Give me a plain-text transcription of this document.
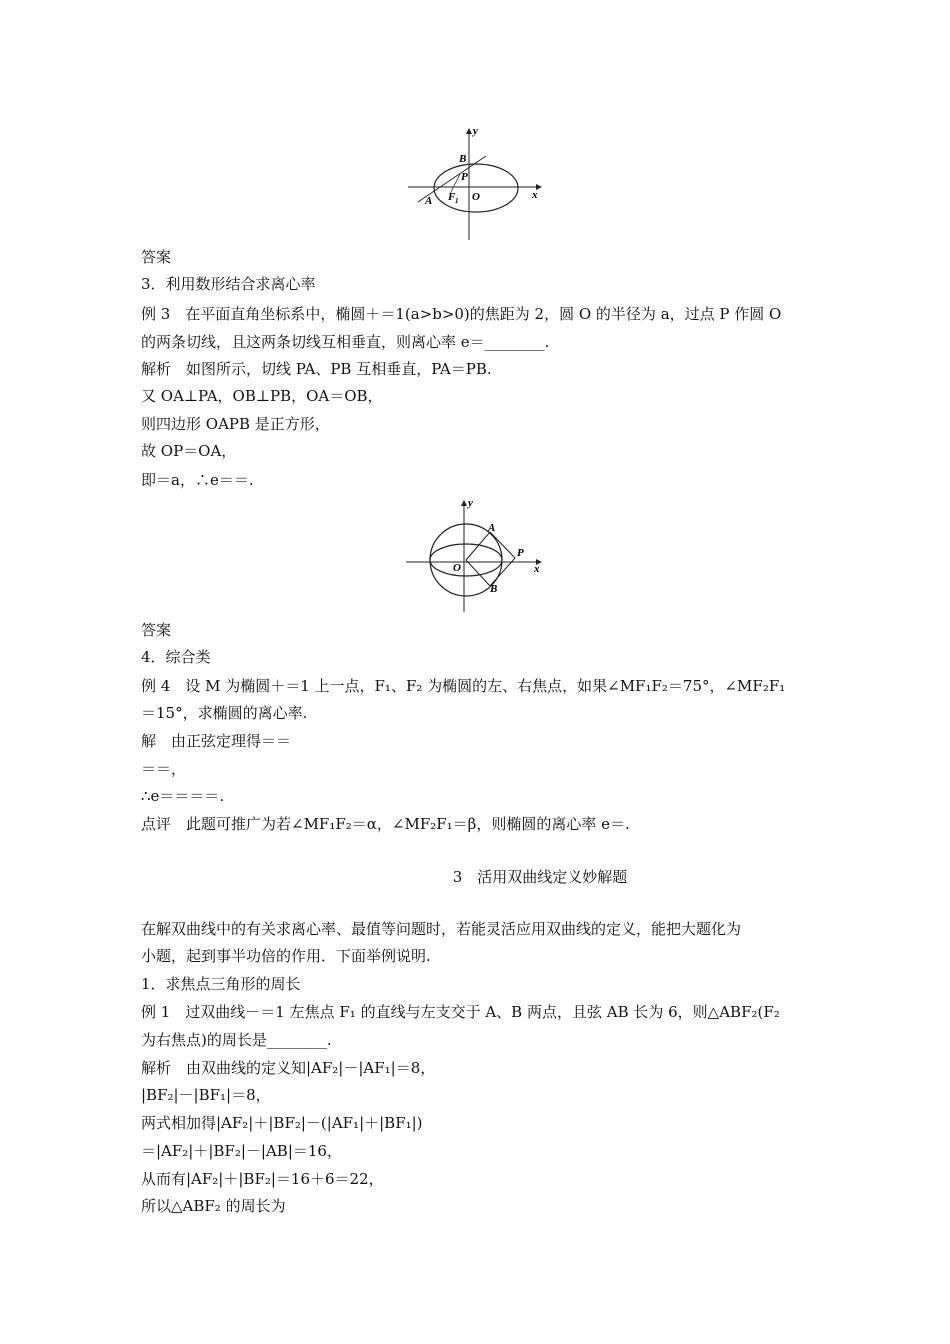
y
x
B
P
A F 1 O
答案
3．利用数形结合求离心率
例 3　在平面直角坐标系中，椭圆＋＝1(a>b>0)的焦距为 2，圆 O 的半径为 a，过点 P 作圆 O
的两条切线，且这两条切线互相垂直，则离心率 e＝________.
解析　如图所示，切线 PA、PB 互相垂直，PA＝PB.
又 OA⊥PA，OB⊥PB，OA＝OB，
则四边形 OAPB 是正方形，
故 OP＝OA，
即＝a，∴e＝＝.
y
x
A
P
O
B
答案
4．综合类
例 4　设 M 为椭圆＋＝1 上一点，F₁、F₂ 为椭圆的左、右焦点，如果∠MF₁F₂＝75°，∠MF₂F₁
＝15°，求椭圆的离心率.
解　由正弦定理得＝＝
＝＝，
∴e＝＝＝＝.
点评　此题可推广为若∠MF₁F₂＝α，∠MF₂F₁＝β，则椭圆的离心率 e＝.
3　活用双曲线定义妙解题
在解双曲线中的有关求离心率、最值等问题时，若能灵活应用双曲线的定义，能把大题化为
小题，起到事半功倍的作用．下面举例说明.
1．求焦点三角形的周长
例 1　过双曲线－＝1 左焦点 F₁ 的直线与左支交于 A、B 两点，且弦 AB 长为 6，则△ABF₂(F₂
为右焦点)的周长是________.
解析　由双曲线的定义知|AF₂|－|AF₁|＝8，
|BF₂|－|BF₁|＝8，
两式相加得|AF₂|＋|BF₂|－(|AF₁|＋|BF₁|)
＝|AF₂|＋|BF₂|－|AB|＝16，
从而有|AF₂|＋|BF₂|＝16＋6＝22，
所以△ABF₂ 的周长为
